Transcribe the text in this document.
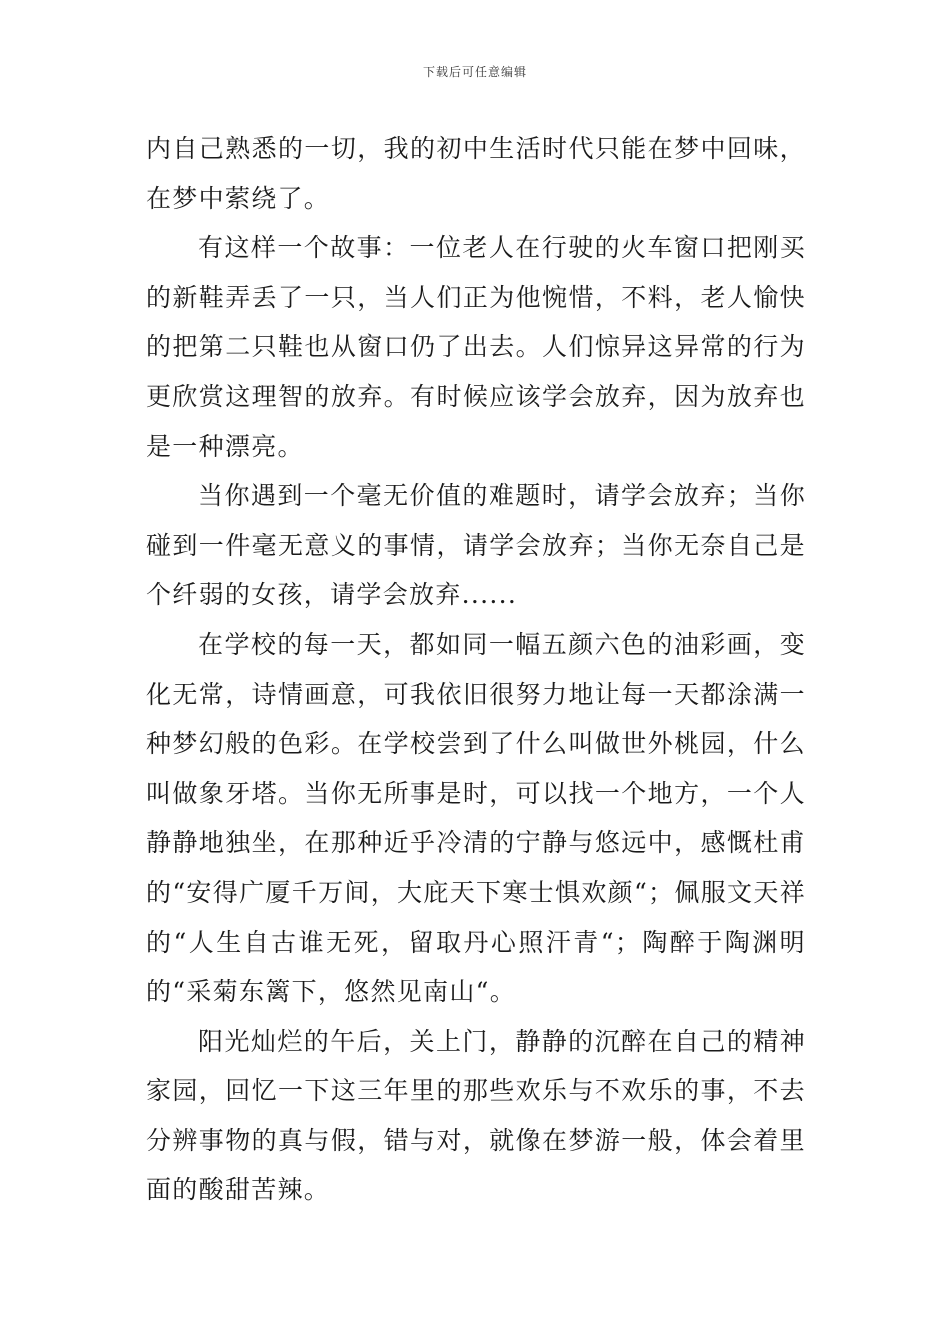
下载后可任意编辑

内自己熟悉的一切，我的初中生活时代只能在梦中回味，在梦中萦绕了。

有这样一个故事：一位老人在行驶的火车窗口把刚买的新鞋弄丢了一只，当人们正为他惋惜，不料，老人愉快的把第二只鞋也从窗口仍了出去。人们惊异这异常的行为更欣赏这理智的放弃。有时候应该学会放弃，因为放弃也是一种漂亮。

当你遇到一个毫无价值的难题时，请学会放弃；当你碰到一件毫无意义的事情，请学会放弃；当你无奈自己是个纤弱的女孩，请学会放弃......

在学校的每一天，都如同一幅五颜六色的油彩画，变化无常，诗情画意，可我依旧很努力地让每一天都涂满一种梦幻般的色彩。在学校尝到了什么叫做世外桃园，什么叫做象牙塔。当你无所事是时，可以找一个地方，一个人静静地独坐，在那种近乎冷清的宁静与悠远中，感慨杜甫的“安得广厦千万间，大庇天下寒士惧欢颜“；佩服文天祥的“人生自古谁无死，留取丹心照汗青“；陶醉于陶渊明的“采菊东篱下，悠然见南山“。

阳光灿烂的午后，关上门，静静的沉醉在自己的精神家园，回忆一下这三年里的那些欢乐与不欢乐的事，不去分辨事物的真与假，错与对，就像在梦游一般，体会着里面的酸甜苦辣。
